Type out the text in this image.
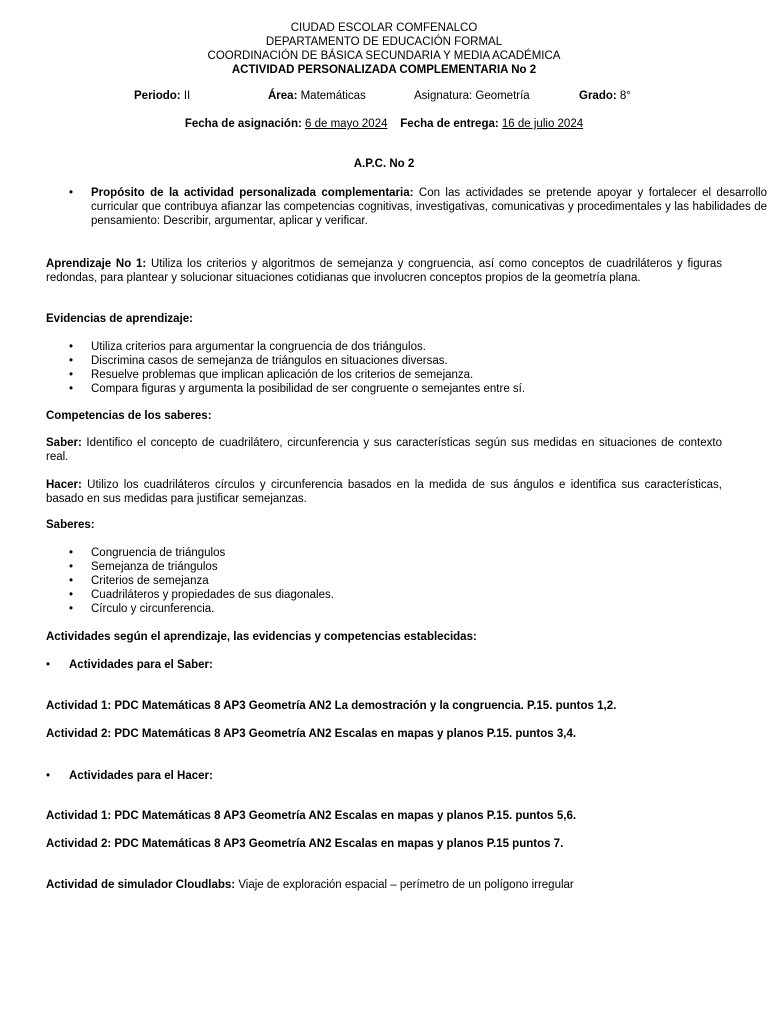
CIUDAD ESCOLAR COMFENALCO
DEPARTAMENTO DE EDUCACIÓN FORMAL
COORDINACIÓN DE BÁSICA SECUNDARIA Y MEDIA ACADÉMICA
ACTIVIDAD PERSONALIZADA COMPLEMENTARIA No 2
Periodo: II	Área: Matemáticas	Asignatura: Geometría	Grado: 8°
Fecha de asignación: 6 de mayo 2024 Fecha de entrega: 16 de julio 2024
A.P.C. No 2
• Propósito de la actividad personalizada complementaria: Con las actividades se pretende apoyar y fortalecer el desarrollo curricular que contribuya afianzar las competencias cognitivas, investigativas, comunicativas y procedimentales y las habilidades de pensamiento: Describir, argumentar, aplicar y verificar.
Aprendizaje No 1: Utiliza los criterios y algoritmos de semejanza y congruencia, así como conceptos de cuadriláteros y figuras redondas, para plantear y solucionar situaciones cotidianas que involucren conceptos propios de la geometría plana.
Evidencias de aprendizaje:
• Utiliza criterios para argumentar la congruencia de dos triángulos.
• Discrimina casos de semejanza de triángulos en situaciones diversas.
• Resuelve problemas que implican aplicación de los criterios de semejanza.
• Compara figuras y argumenta la posibilidad de ser congruente o semejantes entre sí.
Competencias de los saberes:
Saber: Identifico el concepto de cuadrilátero, circunferencia y sus características según sus medidas en situaciones de contexto real.
Hacer: Utilizo los cuadriláteros círculos y circunferencia basados en la medida de sus ángulos e identifica sus características, basado en sus medidas para justificar semejanzas.
Saberes:
• Congruencia de triángulos
• Semejanza de triángulos
• Criterios de semejanza
• Cuadriláteros y propiedades de sus diagonales.
• Círculo y circunferencia.
Actividades según el aprendizaje, las evidencias y competencias establecidas:
• Actividades para el Saber:
Actividad 1: PDC Matemáticas 8 AP3 Geometría AN2 La demostración y la congruencia. P.15. puntos 1,2.
Actividad 2: PDC Matemáticas 8 AP3 Geometría AN2 Escalas en mapas y planos P.15. puntos 3,4.
• Actividades para el Hacer:
Actividad 1: PDC Matemáticas 8 AP3 Geometría AN2 Escalas en mapas y planos P.15. puntos 5,6.
Actividad 2: PDC Matemáticas 8 AP3 Geometría AN2 Escalas en mapas y planos P.15 puntos 7.
Actividad de simulador Cloudlabs: Viaje de exploración espacial – perímetro de un polígono irregular
